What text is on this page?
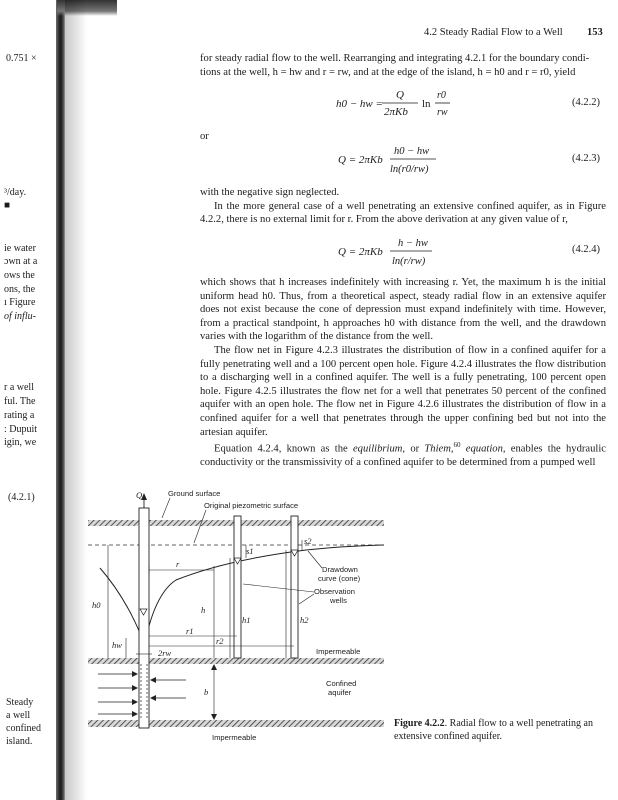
0.751 ×
³/day.
■
ie water
ɔwn at a
ows the
ons, the
ı Figure
of influ-
r a well
ful. The
rating a
: Dupuit
igin, we
(4.2.1)
Steady
a well
confined
island.
4.2 Steady Radial Flow to a Well 153

for steady radial flow to the well. Rearranging and integrating 4.2.1 for the boundary condi-

tions at the well, h = hw and r = rw, and at the edge of the island, h = h0 and r = r0, yield

h0 − hw =
Q
2πKb
ln
r0
rw
(4.2.2)
or
Q = 2πKb
h0 − hw
ln(r0/rw)
(4.2.3)

with the negative sign neglected.

In the more general case of a well penetrating an extensive confined aquifer, as in Figure 4.2.2, there is no external limit for r. From the above derivation at any given value of r,

Q = 2πKb
h − hw
ln(r/rw)
(4.2.4)

which shows that h increases indefinitely with increasing r. Yet, the maximum h is the initial uniform head h0. Thus, from a theoretical aspect, steady radial flow in an extensive aquifer does not exist because the cone of depression must expand indefinitely with time. However, from a practical standpoint, h approaches h0 with distance from the well, and the drawdown varies with the logarithm of the distance from the well.

The flow net in Figure 4.2.3 illustrates the distribution of flow in a confined aquifer for a fully penetrating well and a 100 percent open hole. Figure 4.2.4 illustrates the flow distribution to a discharging well in a confined aquifer. The well is a fully penetrating, 100 percent open hole. Figure 4.2.5 illustrates the flow net for a well that penetrates 50 percent of the confined aquifer with an open hole. The flow net in Figure 4.2.6 illustrates the distribution of flow in a confined aquifer for a well that penetrates through the upper confining bed but not into the artesian aquifer.

Equation 4.2.4, known as the equilibrium, or Thiem,$^{60}$ equation, enables the hydraulic conductivity or the transmissivity of a confined aquifer to be determined from a pumped well

Q
s1
s2
r
h0
hw
h
h1	h2
r1
r2
2rw
b
Ground surface
Original piezometric surface
Drawdown
curve (cone)
Observation
wells
Impermeable
Confined
aquifer
Impermeable
Figure 4.2.2. Radial flow to a well penetrating an extensive confined aquifer.
